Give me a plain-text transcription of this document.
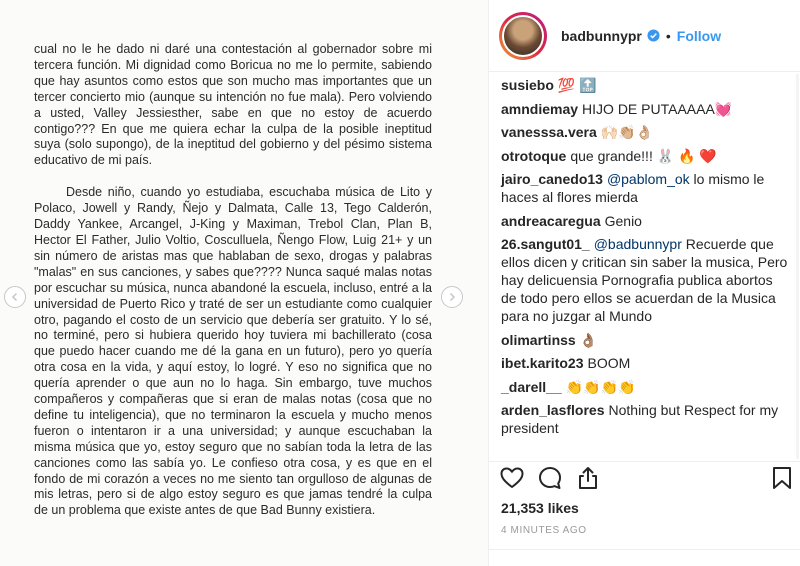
cual no le he dado ni daré una contestación al gobernador sobre mi tercera función. Mi dignidad como Boricua no me lo permite, sabiendo que hay asuntos como estos que son mucho mas importantes que un tercer concierto mio (aunque su intención no fue mala). Pero volviendo a usted, Valley Jessiesther, sabe en que no estoy de acuerdo contigo??? En que me quiera echar la culpa de la posible ineptitud suya (solo supongo), de la ineptitud del gobierno y del pésimo sistema educativo de mi país.

Desde niño, cuando yo estudiaba, escuchaba música de Lito y Polaco, Jowell y Randy, Ñejo y Dalmata, Calle 13, Tego Calderón, Daddy Yankee, Arcangel, J-King y Maximan, Trebol Clan, Plan B, Hector El Father, Julio Voltio, Cosculluela, Ñengo Flow, Luig 21+ y un sin número de aristas mas que hablaban de sexo, drogas y palabras "malas" en sus canciones, y sabes que???? Nunca saqué malas notas por escuchar su música, nunca abandoné la escuela, incluso, entré a la universidad de Puerto Rico y traté de ser un estudiante como cualquier otro, pagando el costo de un servicio que debería ser gratuito. Y lo sé, no terminé, pero si hubiera querido hoy tuviera mi bachillerato (cosa que puedo hacer cuando me dé la gana en un futuro), pero yo quería otra cosa en la vida, y aquí estoy, lo logré. Y eso no significa que no quería aprender o que aun no lo haga. Sin embargo, tuve muchos compañeros y compañeras que si eran de malas notas (cosa que no define tu inteligencia), que no terminaron la escuela y mucho menos fueron o intentaron ir a una universidad; y aunque escuchaban la misma música que yo, estoy seguro que no sabían toda la letra de las canciones como las sabía yo. Le confieso otra cosa, y es que en el fondo de mi corazón a veces no me siento tan orgulloso de algunas de mis letras, pero si de algo estoy seguro es que jamas tendré la culpa de un problema que existe antes de que Bad Bunny existiera.

badbunnypr • Follow
susiebo 💯 🔝
amndiemay HIJO DE PUTAAAAA💓
vanesssa.vera 🙌🏻👏🏼👌🏼
otrotoque que grande!!! 🐰 🔥 ❤️
jairo_canedo13 @pablom_ok lo mismo le haces al flores mierda
andreacaregua Genio
26.sangut01_ @badbunnypr Recuerde que ellos dicen y critican sin saber la musica, Pero hay delicuensia Pornografia publica abortos de todo pero ellos se acuerdan de la Musica para no juzgar al Mundo
olimartinss 👌🏽
ibet.karito23 BOOM
_darell__ 👏👏👏👏
arden_lasflores Nothing but Respect for my president
21,353 likes
4 MINUTES AGO
